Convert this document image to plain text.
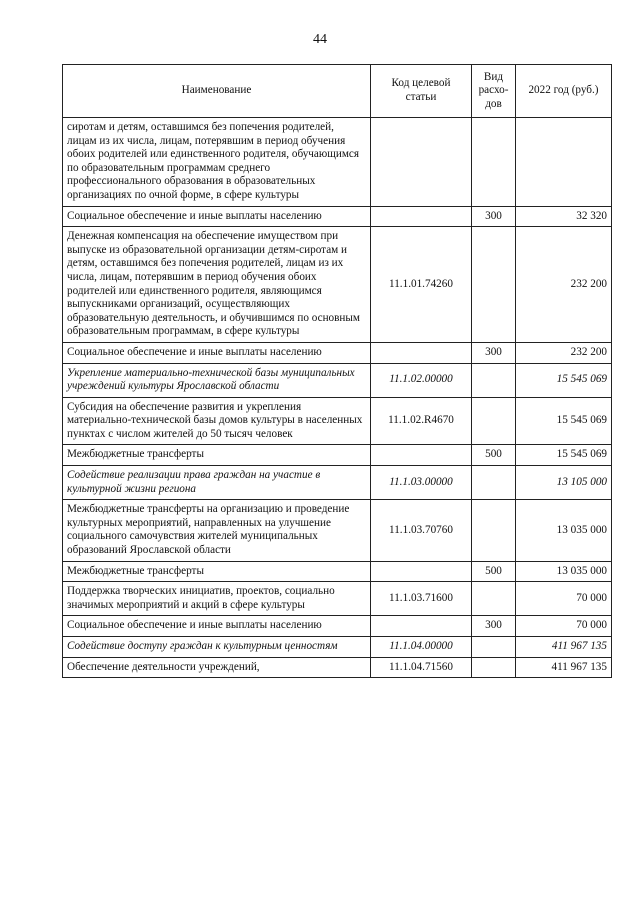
44
Наименование	Код целевой статьи	Вид расхо-дов	2022 год (руб.)
сиротам и детям, оставшимся без попечения родителей, лицам из их числа, лицам, потерявшим в период обучения обоих родителей или единственного родителя, обучающимся по образовательным программам среднего профессионального образования в образовательных организациях по очной форме, в сфере культуры			
Социальное обеспечение и иные выплаты населению		300	32 320
Денежная компенсация на обеспечение имуществом при выпуске из образовательной организации детям-сиротам и детям, оставшимся без попечения родителей, лицам из их числа, лицам, потерявшим в период обучения обоих родителей или единственного родителя, являющимся выпускниками организаций, осуществляющих образовательную деятельность, и обучившимся по основным образовательным программам, в сфере культуры	11.1.01.74260		232 200
Социальное обеспечение и иные выплаты населению		300	232 200
Укрепление материально-технической базы муниципальных учреждений культуры Ярославской области	11.1.02.00000		15 545 069
Субсидия на обеспечение развития и укрепления материально-технической базы домов культуры в населенных пунктах с числом жителей до 50 тысяч человек	11.1.02.R4670		15 545 069
Межбюджетные трансферты		500	15 545 069
Содействие реализации права граждан на участие в культурной жизни региона	11.1.03.00000		13 105 000
Межбюджетные трансферты на организацию и проведение культурных мероприятий, направленных на улучшение социального самочувствия жителей муниципальных образований Ярославской области	11.1.03.70760		13 035 000
Межбюджетные трансферты		500	13 035 000
Поддержка творческих инициатив, проектов, социально значимых мероприятий и акций в сфере культуры	11.1.03.71600		70 000
Социальное обеспечение и иные выплаты населению		300	70 000
Содействие доступу граждан к культурным ценностям	11.1.04.00000		411 967 135
Обеспечение деятельности учреждений,	11.1.04.71560		411 967 135
